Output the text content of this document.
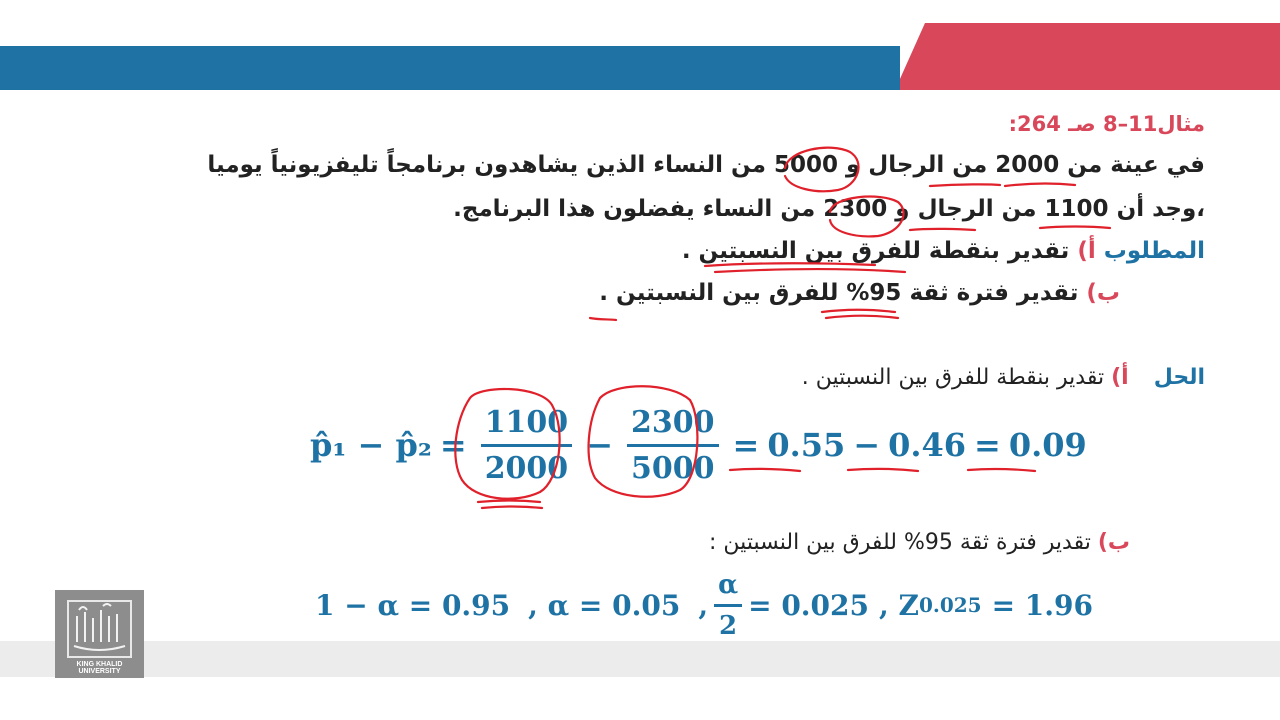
مثال11–8 صـ 264:
في عينة من 2000 من الرجال و 5000 من النساء الذين يشاهدون برنامجاً تليفزيونياً يوميا
،وجد أن 1100 من الرجال و 2300 من النساء يفضلون هذا البرنامج.
المطلوب أ) تقدير بنقطة للفرق بين النسبتين .
ب) تقدير فترة ثقة 95% للفرق بين النسبتين .
الحل أ) تقدير بنقطة للفرق بين النسبتين .
p̂₁ − p̂₂ = $\frac{1100}{2000} - \frac{2300}{5000} = 0.55 - 0.46 = 0.09$
ب) تقدير فترة ثقة 95% للفرق بين النسبتين :
1 − α = 0.95 , α = 0.05 , $\frac{\alpha}{2} = 0.025$ , Z 0.025 = 1.96
KING KHALID UNIVERSITY
